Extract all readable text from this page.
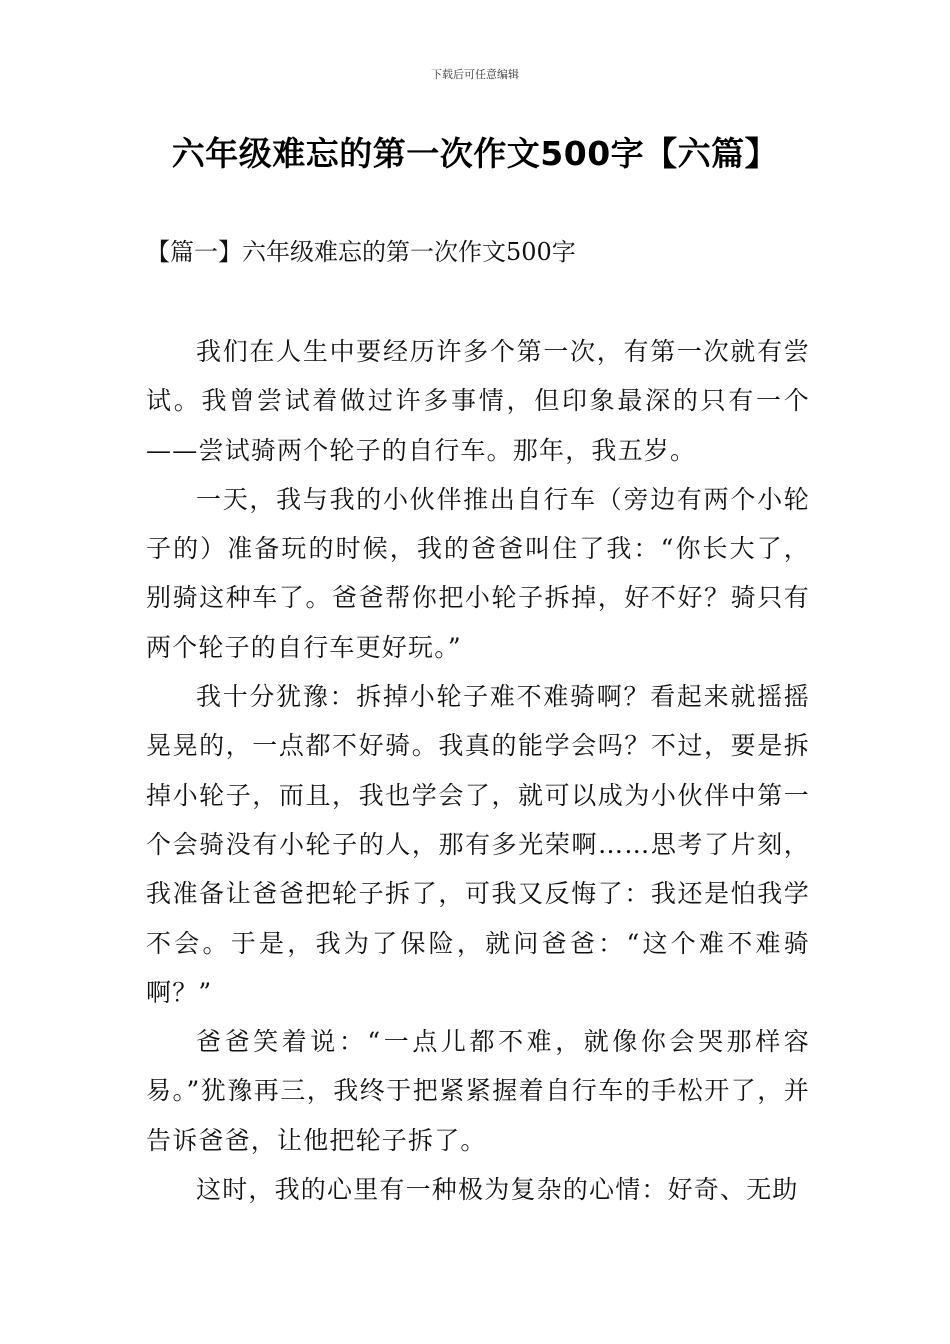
下载后可任意编辑
六年级难忘的第一次作文500字【六篇】
【篇一】六年级难忘的第一次作文500字

我们在人生中要经历许多个第一次，有第一次就有尝试。我曾尝试着做过许多事情，但印象最深的只有一个——尝试骑两个轮子的自行车。那年，我五岁。

一天，我与我的小伙伴推出自行车（旁边有两个小轮子的）准备玩的时候，我的爸爸叫住了我：“你长大了，别骑这种车了。爸爸帮你把小轮子拆掉，好不好？骑只有两个轮子的自行车更好玩。”

我十分犹豫：拆掉小轮子难不难骑啊？看起来就摇摇晃晃的，一点都不好骑。我真的能学会吗？不过，要是拆掉小轮子，而且，我也学会了，就可以成为小伙伴中第一个会骑没有小轮子的人，那有多光荣啊……思考了片刻，我准备让爸爸把轮子拆了，可我又反悔了：我还是怕我学不会。于是，我为了保险，就问爸爸：“这个难不难骑啊？”

爸爸笑着说：“一点儿都不难，就像你会哭那样容易。”犹豫再三，我终于把紧紧握着自行车的手松开了，并告诉爸爸，让他把轮子拆了。

这时，我的心里有一种极为复杂的心情：好奇、无助
